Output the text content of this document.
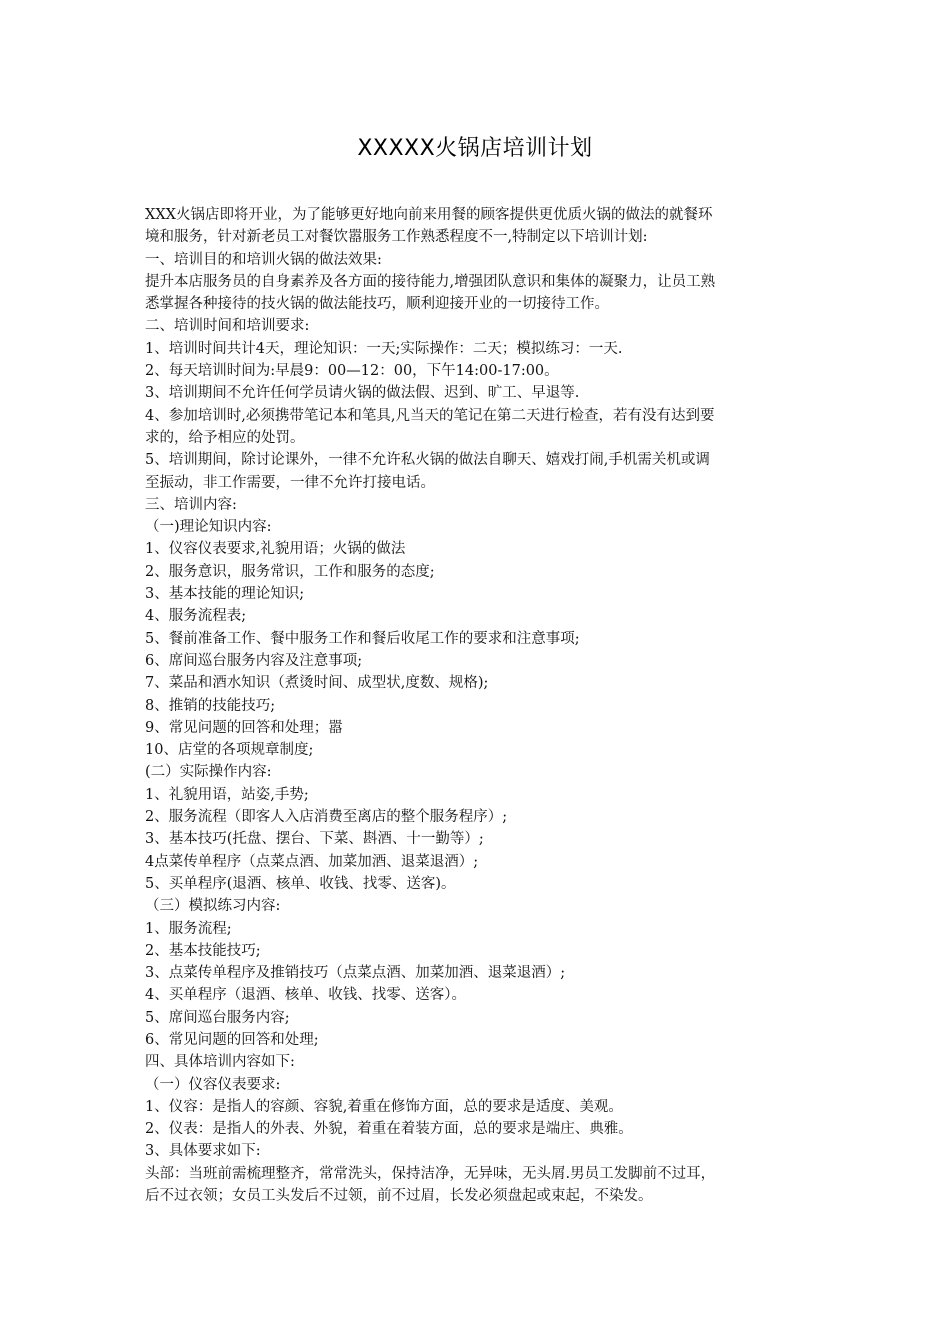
XXXXX火锅店培训计划

XXX火锅店即将开业，为了能够更好地向前来用餐的顾客提供更优质火锅的做法的就餐环

境和服务，针对新老员工对餐饮嚣服务工作熟悉程度不一,特制定以下培训计划:

一、培训目的和培训火锅的做法效果:

提升本店服务员的自身素养及各方面的接待能力,增强团队意识和集体的凝聚力，让员工熟

悉掌握各种接待的技火锅的做法能技巧，顺利迎接开业的一切接待工作。

二、培训时间和培训要求:

1、培训时间共计4天，理论知识：一天;实际操作：二天；模拟练习：一天.

2、每天培训时间为:早晨9：00—12：00，下午14:00-17:00。

3、培训期间不允许任何学员请火锅的做法假、迟到、旷工、早退等.

4、参加培训时,必须携带笔记本和笔具,凡当天的笔记在第二天进行检查，若有没有达到要

求的，给予相应的处罚。

5、培训期间，除讨论课外，一律不允许私火锅的做法自聊天、嬉戏打闹,手机需关机或调

至振动，非工作需要，一律不允许打接电话。

三、培训内容:

（一)理论知识内容:

1、仪容仪表要求,礼貌用语；火锅的做法

2、服务意识，服务常识，工作和服务的态度;

3、基本技能的理论知识;

4、服务流程表;

5、餐前准备工作、餐中服务工作和餐后收尾工作的要求和注意事项;

6、席间巡台服务内容及注意事项;

7、菜品和酒水知识（煮烫时间、成型状,度数、规格);

8、推销的技能技巧;

9、常见问题的回答和处理；嚣

10、店堂的各项规章制度;

(二）实际操作内容:

1、礼貌用语，站姿,手势;

2、服务流程（即客人入店消费至离店的整个服务程序）;

3、基本技巧(托盘、摆台、下菜、斟酒、十一勤等）;

4点菜传单程序（点菜点酒、加菜加酒、退菜退酒）;

5、买单程序(退酒、核单、收钱、找零、送客)。

（三）模拟练习内容:

1、服务流程;

2、基本技能技巧;

3、点菜传单程序及推销技巧（点菜点酒、加菜加酒、退菜退酒）;

4、买单程序（退酒、核单、收钱、找零、送客）。

5、席间巡台服务内容;

6、常见问题的回答和处理;

四、具体培训内容如下:

（一）仪容仪表要求:

1、仪容：是指人的容颜、容貌,着重在修饰方面，总的要求是适度、美观。

2、仪表：是指人的外表、外貌，着重在着装方面，总的要求是端庄、典雅。

3、具体要求如下:

头部：当班前需梳理整齐，常常洗头，保持洁净，无异味，无头屑.男员工发脚前不过耳，

后不过衣领；女员工头发后不过领，前不过眉，长发必须盘起或束起，不染发。
